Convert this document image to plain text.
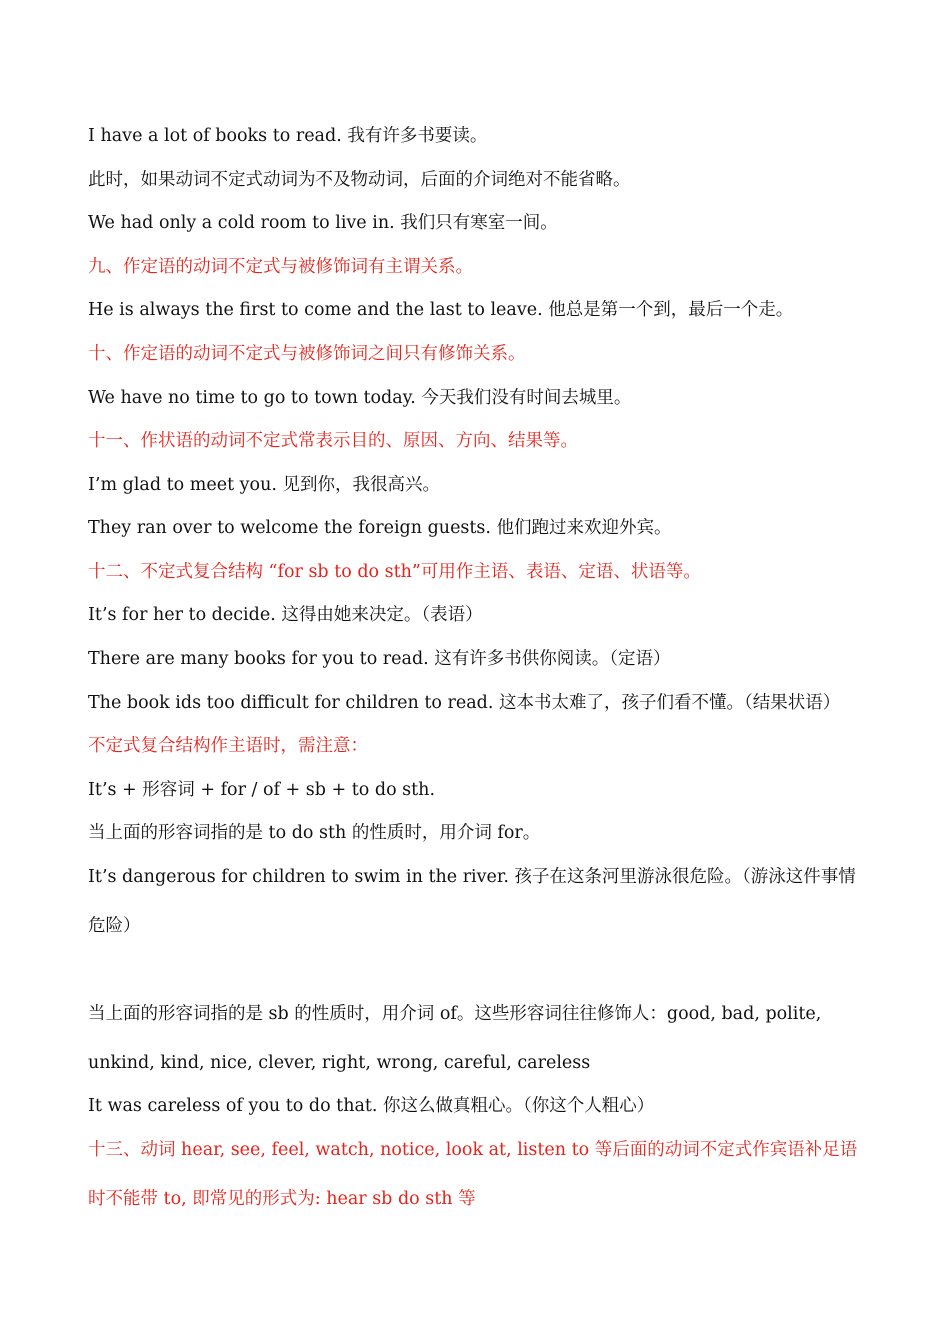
I have a lot of books to read. 我有许多书要读。
此时，如果动词不定式动词为不及物动词，后面的介词绝对不能省略。
We had only a cold room to live in. 我们只有寒室一间。
九、作定语的动词不定式与被修饰词有主谓关系。
He is always the first to come and the last to leave. 他总是第一个到，最后一个走。
十、作定语的动词不定式与被修饰词之间只有修饰关系。
We have no time to go to town today. 今天我们没有时间去城里。
十一、作状语的动词不定式常表示目的、原因、方向、结果等。
I’m glad to meet you. 见到你，我很高兴。
They ran over to welcome the foreign guests. 他们跑过来欢迎外宾。
十二、不定式复合结构 “for sb to do sth”可用作主语、表语、定语、状语等。
It’s for her to decide. 这得由她来决定。（表语）
There are many books for you to read. 这有许多书供你阅读。（定语）
The book ids too difficult for children to read. 这本书太难了，孩子们看不懂。（结果状语）
不定式复合结构作主语时，需注意：
It’s + 形容词 + for / of + sb + to do sth.
当上面的形容词指的是 to do sth 的性质时，用介词 for。
It’s dangerous for children to swim in the river. 孩子在这条河里游泳很危险。（游泳这件事情危险）
当上面的形容词指的是 sb 的性质时，用介词 of。这些形容词往往修饰人：good, bad, polite, unkind, kind, nice, clever, right, wrong, careful, careless
It was careless of you to do that. 你这么做真粗心。（你这个人粗心）
十三、动词 hear, see, feel, watch, notice, look at, listen to 等后面的动词不定式作宾语补足语时不能带 to, 即常见的形式为: hear sb do sth 等
